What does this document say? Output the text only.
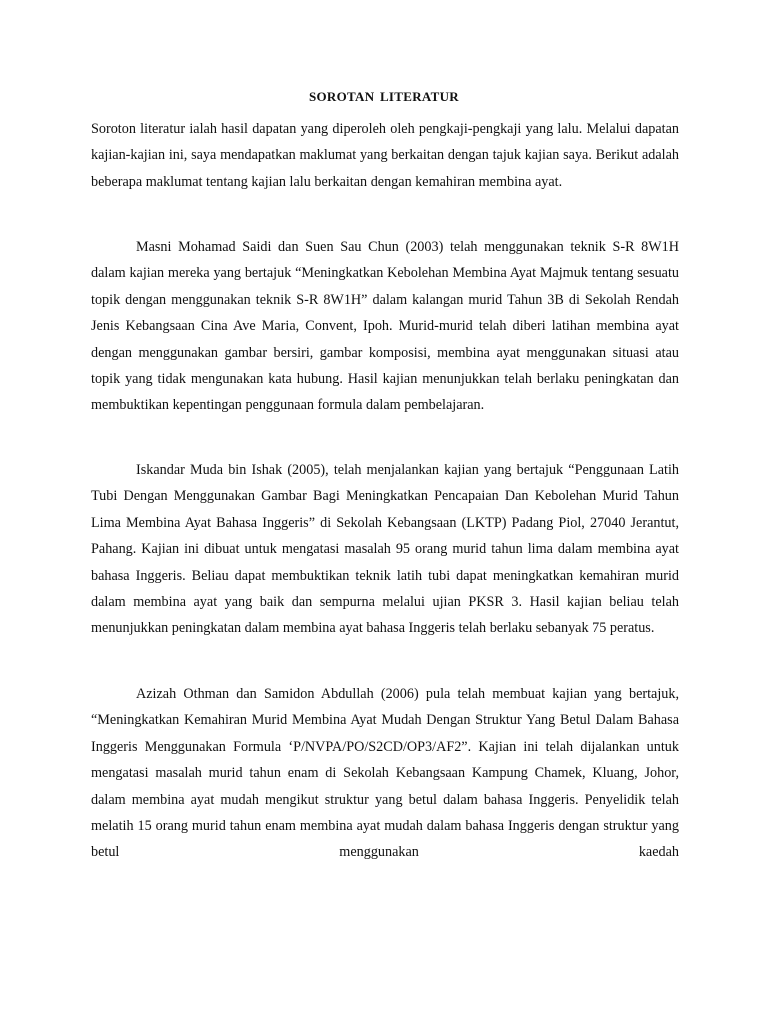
SOROTAN LITERATUR

Soroton literatur ialah hasil dapatan yang diperoleh oleh pengkaji-pengkaji yang lalu. Melalui dapatan kajian-kajian ini, saya mendapatkan maklumat yang berkaitan dengan tajuk kajian saya. Berikut adalah beberapa maklumat tentang kajian lalu berkaitan dengan kemahiran membina ayat.

Masni Mohamad Saidi dan Suen Sau Chun (2003) telah menggunakan teknik S-R 8W1H dalam kajian mereka yang bertajuk “Meningkatkan Kebolehan Membina Ayat Majmuk tentang sesuatu topik dengan menggunakan teknik S-R 8W1H” dalam kalangan murid Tahun 3B di Sekolah Rendah Jenis Kebangsaan Cina Ave Maria, Convent, Ipoh. Murid-murid telah diberi latihan membina ayat dengan menggunakan gambar bersiri, gambar komposisi, membina ayat menggunakan situasi atau topik yang tidak mengunakan kata hubung. Hasil kajian menunjukkan telah berlaku peningkatan dan membuktikan kepentingan penggunaan formula dalam pembelajaran.

Iskandar Muda bin Ishak (2005), telah menjalankan kajian yang bertajuk “Penggunaan Latih Tubi Dengan Menggunakan Gambar Bagi Meningkatkan Pencapaian Dan Kebolehan Murid Tahun Lima Membina Ayat Bahasa Inggeris” di Sekolah Kebangsaan (LKTP) Padang Piol, 27040 Jerantut, Pahang. Kajian ini dibuat untuk mengatasi masalah 95 orang murid tahun lima dalam membina ayat bahasa Inggeris. Beliau dapat membuktikan teknik latih tubi dapat meningkatkan kemahiran murid dalam membina ayat yang baik dan sempurna melalui ujian PKSR 3. Hasil kajian beliau telah menunjukkan peningkatan dalam membina ayat bahasa Inggeris telah berlaku sebanyak 75 peratus.

Azizah Othman dan Samidon Abdullah (2006) pula telah membuat kajian yang bertajuk, “Meningkatkan Kemahiran Murid Membina Ayat Mudah Dengan Struktur Yang Betul Dalam Bahasa Inggeris Menggunakan Formula ‘P/NVPA/PO/S2CD/OP3/AF2”. Kajian ini telah dijalankan untuk mengatasi masalah murid tahun enam di Sekolah Kebangsaan Kampung Chamek, Kluang, Johor, dalam membina ayat mudah mengikut struktur yang betul dalam bahasa Inggeris. Penyelidik telah melatih 15 orang murid tahun enam membina ayat mudah dalam bahasa Inggeris dengan struktur yang betul menggunakan kaedah
